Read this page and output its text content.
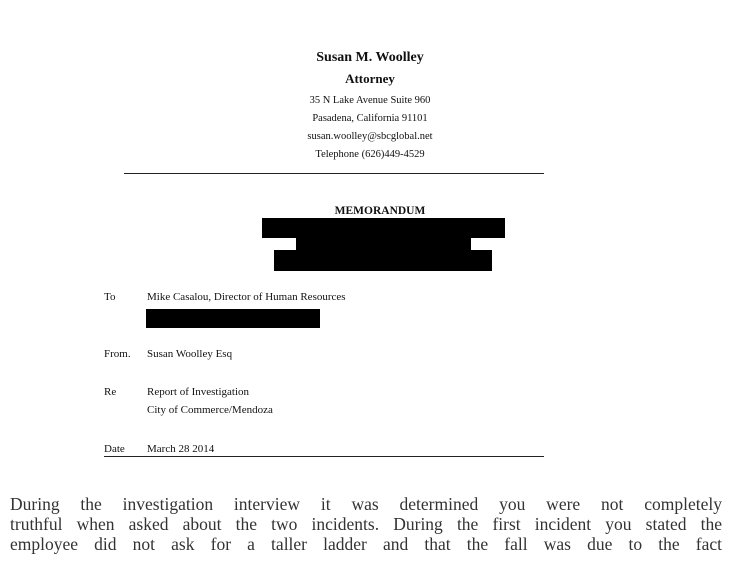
Susan M. Woolley
Attorney
35 N Lake Avenue Suite 960
Pasadena, California 91101
susan.woolley@sbcglobal.net
Telephone (626)449-4529
MEMORANDUM
To	Mike Casalou, Director of Human Resources
From. Susan Woolley Esq
Re	Report of Investigation
City of Commerce/Mendoza
Date March 28 2014
During the investigation interview it was determined you were not completely
truthful when asked about the two incidents. During the first incident you stated the
employee did not ask for a taller ladder and that the fall was due to the fact
